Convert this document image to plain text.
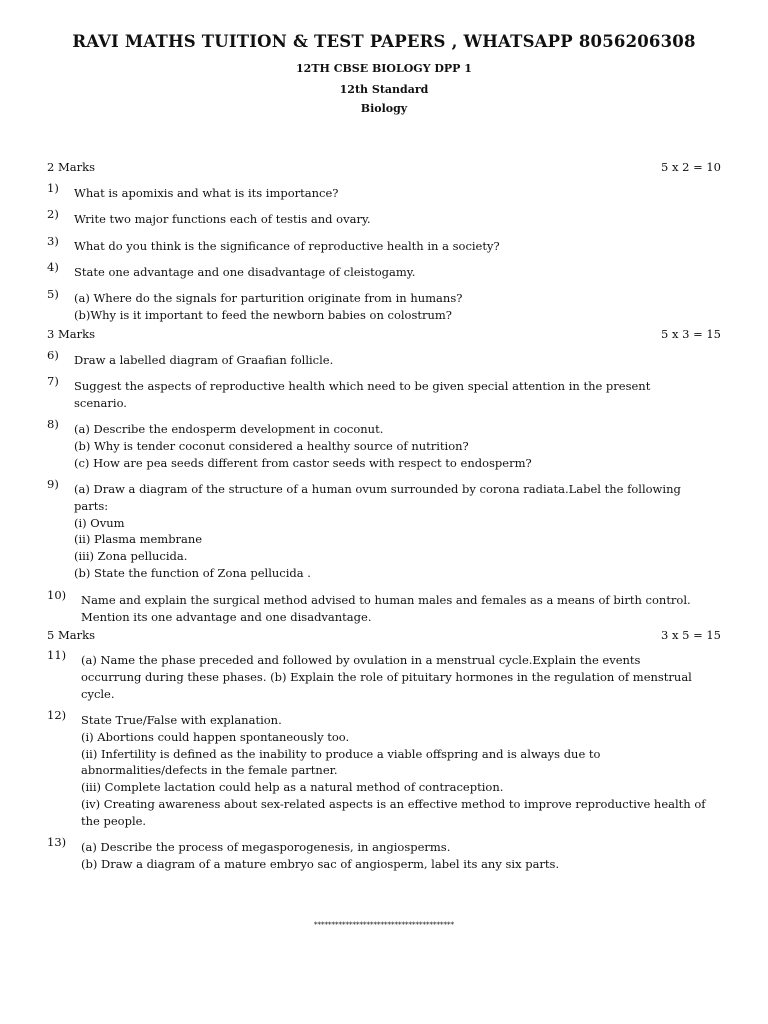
RAVI MATHS TUITION & TEST PAPERS , WHATSAPP 8056206308
12TH CBSE BIOLOGY DPP 1
12th Standard
Biology
2 Marks	5 x 2 = 10
1) What is apomixis and what is its importance?
2) Write two major functions each of testis and ovary.
3) What do you think is the significance of reproductive health in a society?
4) State one advantage and one disadvantage of cleistogamy.
5) (a) Where do the signals for parturition originate from in humans?
(b)Why is it important to feed the newborn babies on colostrum?
3 Marks	5 x 3 = 15
6) Draw a labelled diagram of Graafian follicle.
7) Suggest the aspects of reproductive health which need to be given special attention in the present
scenario.
8) (a) Describe the endosperm development in coconut.
(b) Why is tender coconut considered a healthy source of nutrition?
(c) How are pea seeds different from castor seeds with respect to endosperm?
9) (a) Draw a diagram of the structure of a human ovum surrounded by corona radiata.Label the following
parts:
(i) Ovum
(ii) Plasma membrane
(iii) Zona pellucida.
(b) State the function of Zona pellucida .
10) Name and explain the surgical method advised to human males and females as a means of birth control.
Mention its one advantage and one disadvantage.
5 Marks	3 x 5 = 15
11) (a) Name the phase preceded and followed by ovulation in a menstrual cycle.Explain the events
occurrung during these phases. (b) Explain the role of pituitary hormones in the regulation of menstrual
cycle.
12) State True/False with explanation.
(i) Abortions could happen spontaneously too.
(ii) Infertility is defined as the inability to produce a viable offspring and is always due to
abnormalities/defects in the female partner.
(iii) Complete lactation could help as a natural method of contraception.
(iv) Creating awareness about sex-related aspects is an effective method to improve reproductive health of
the people.
13) (a) Describe the process of megasporogenesis, in angiosperms.
(b) Draw a diagram of a mature embryo sac of angiosperm, label its any six parts.
****************************************
